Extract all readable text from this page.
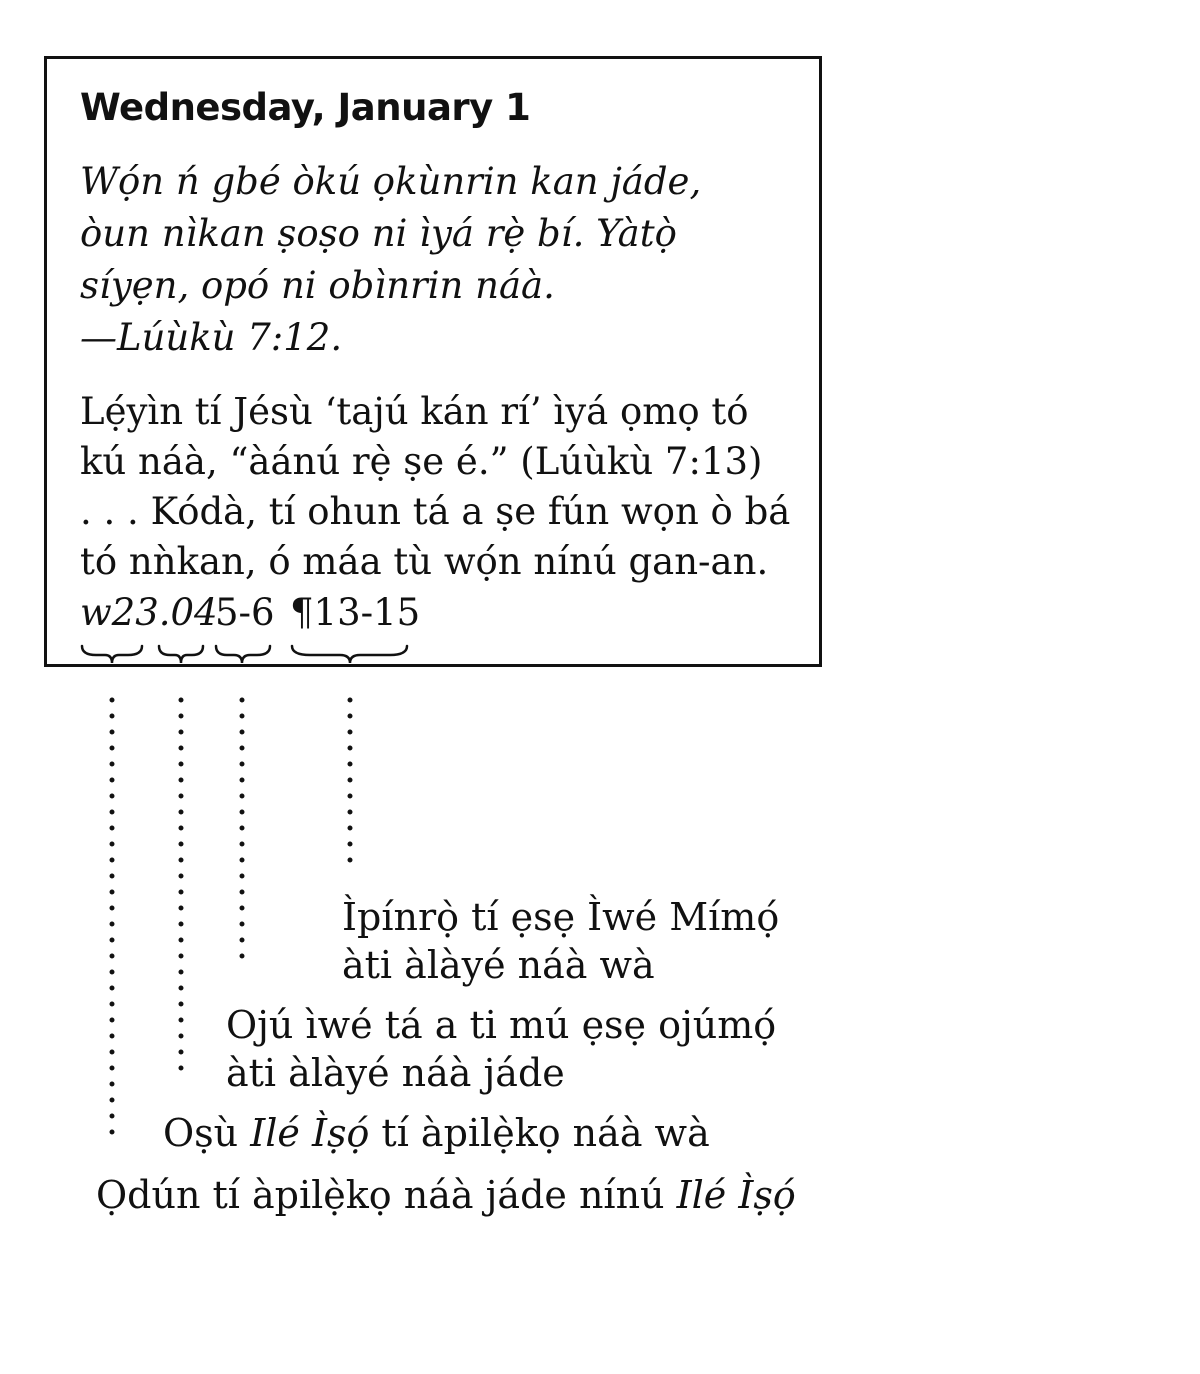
Wednesday, January 1
Wọ́n ń gbé òkú ọkùnrin kan jáde,
òun nìkan ṣoṣo ni ìyá rẹ̀ bí. Yàtọ̀
síyẹn, opó ni obìnrin náà.
—Lúùkù 7:12.
Lẹ́yìn tí Jésù ‘tajú kán rí’ ìyá ọmọ tó
kú náà, “àánú rẹ̀ ṣe é.” (Lúùkù 7:13)
. . . Kódà, tí ohun tá a ṣe fún wọn ò bá
tó nǹkan, ó máa tù wọ́n nínú gan-an.
w23.04
5-6 ¶13-15
Ìpínrọ̀ tí ẹsẹ Ìwé Mímọ́
àti àlàyé náà wà
Ojú ìwé tá a ti mú ẹsẹ ojúmọ́
àti àlàyé náà jáde
Oṣù Ilé Ìṣọ́ tí àpilẹ̀kọ náà wà
Ọdún tí àpilẹ̀kọ náà jáde nínú Ilé Ìṣọ́
